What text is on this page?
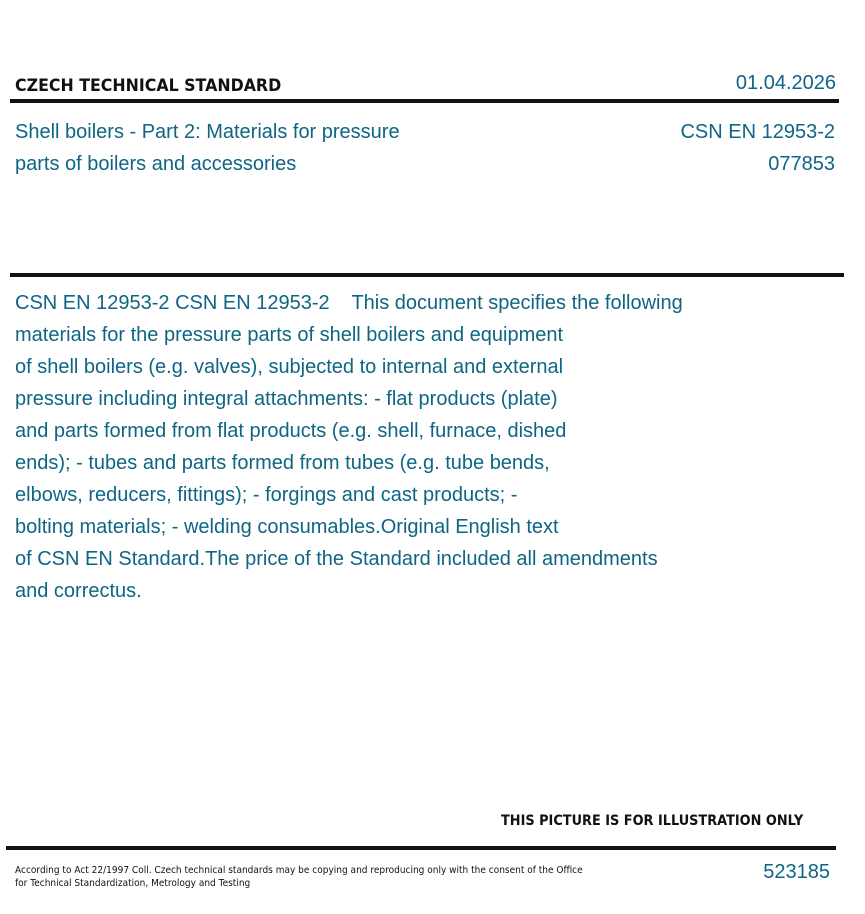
CZECH TECHNICAL STANDARD	01.04.2026
Shell boilers - Part 2: Materials for pressure
parts of boilers and accessories
CSN EN 12953-2
077853
CSN EN 12953-2 CSN EN 12953-2    This document specifies the following
materials for the pressure parts of shell boilers and equipment
of shell boilers (e.g. valves), subjected to internal and external
pressure including integral attachments: - flat products (plate)
and parts formed from flat products (e.g. shell, furnace, dished
ends); - tubes and parts formed from tubes (e.g. tube bends,
elbows, reducers, fittings); - forgings and cast products; -
bolting materials; - welding consumables.Original English text
of CSN EN Standard.The price of the Standard included all amendments
and correctus.
THIS PICTURE IS FOR ILLUSTRATION ONLY
According to Act 22/1997 Coll. Czech technical standards may be copying and reproducing only with the consent of the Office
for Technical Standardization, Metrology and Testing
523185
